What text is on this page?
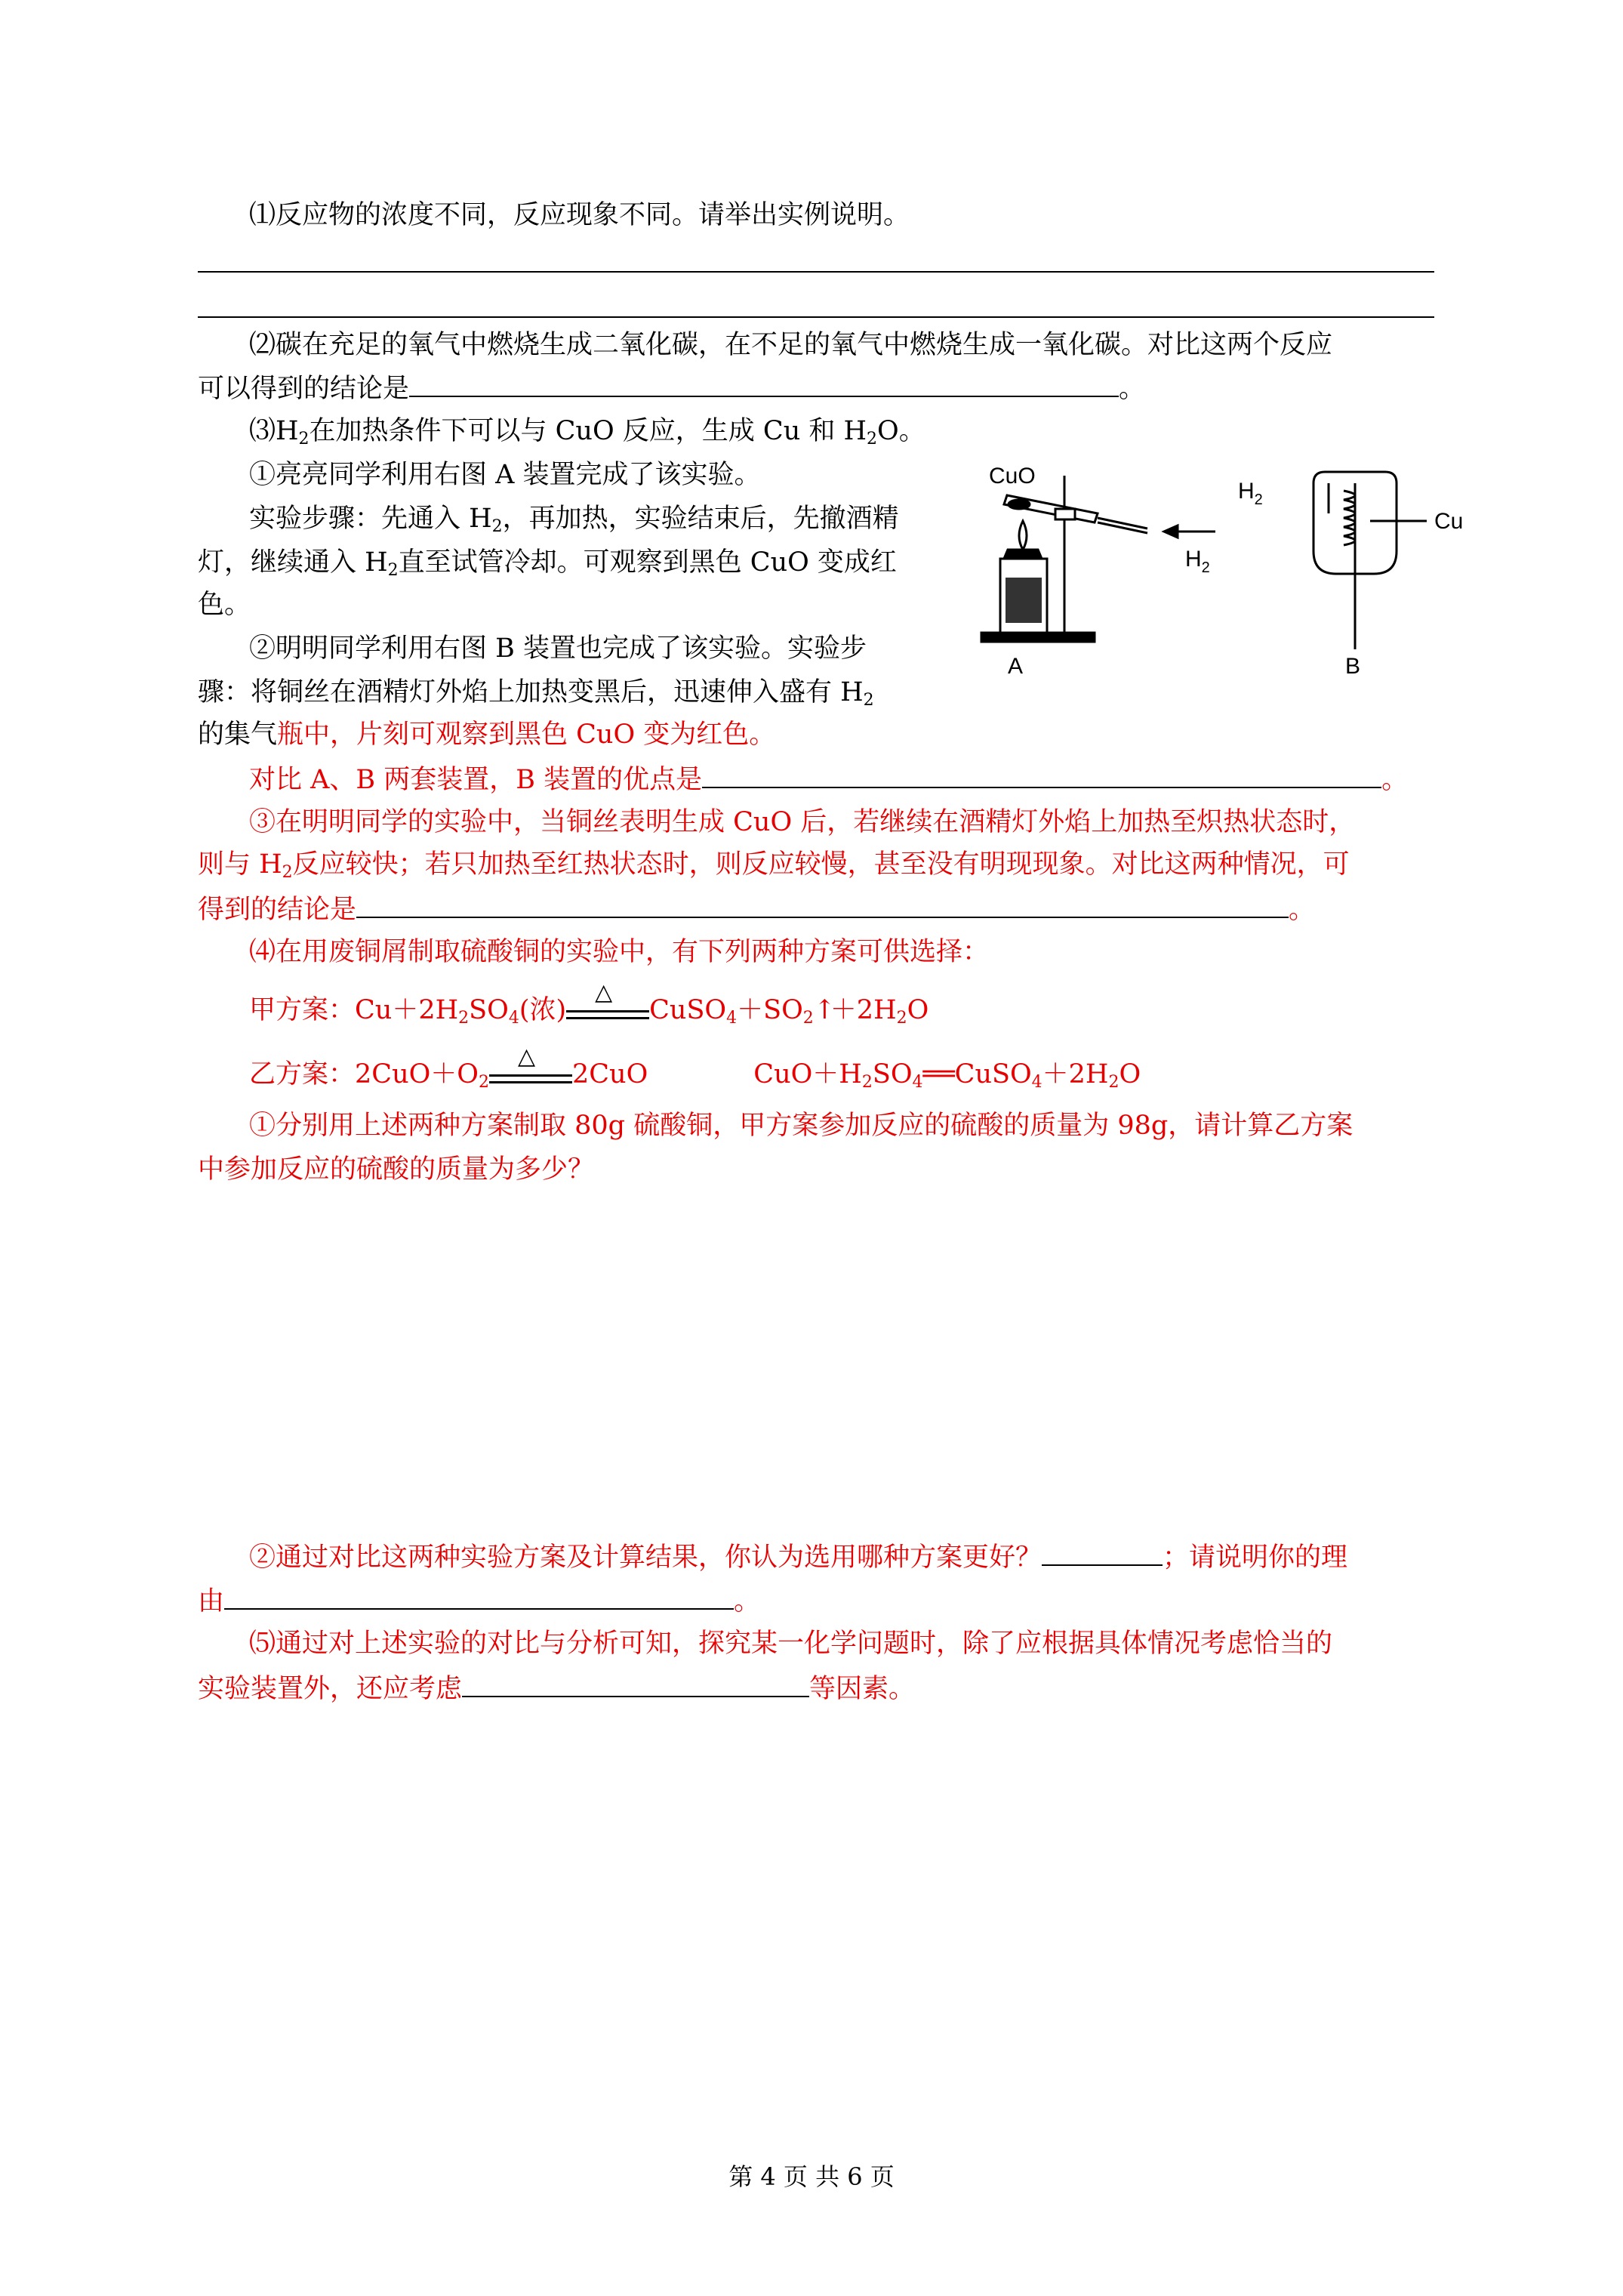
⑴反应物的浓度不同，反应现象不同。请举出实例说明。
⑵碳在充足的氧气中燃烧生成二氧化碳，在不足的氧气中燃烧生成一氧化碳。对比这两个反应
可以得到的结论是	。
$⑶H_2$在加热条件下可以与 CuO 反应，生成 Cu 和 $H_2O$。
①亮亮同学利用右图 A 装置完成了该实验。
实验步骤：先通入 $H_2$，再加热，实验结束后，先撤酒精
灯，继续通入 $H_2$直至试管冷却。可观察到黑色 CuO 变成红
色。
②明明同学利用右图 B 装置也完成了该实验。实验步
骤：将铜丝在酒精灯外焰上加热变黑后，迅速伸入盛有 $H_2$
的集气瓶中，片刻可观察到黑色 CuO 变为红色。
对比 A、B 两套装置，B 装置的优点是	。
③在明明同学的实验中，当铜丝表明生成 CuO 后，若继续在酒精灯外焰上加热至炽热状态时，
则与 $H_2$反应较快；若只加热至红热状态时，则反应较慢，甚至没有明现现象。对比这两种情况，可
得到的结论是	。
CuO
$H_2$
A
$H_2$
Cu
B
⑷在用废铜屑制取硫酸铜的实验中，有下列两种方案可供选择：
甲方案：$Cu+2H_2SO_4$(浓)
△
$CuSO_4+SO_2↑+2H_2O$
乙方案：$2CuO+O_2$
△
2CuO	$CuO+H_2SO_4══CuSO_4+2H_2O$
①分别用上述两种方案制取 80g 硫酸铜，甲方案参加反应的硫酸的质量为 98g，请计算乙方案
中参加反应的硫酸的质量为多少？
②通过对比这两种实验方案及计算结果，你认为选用哪种方案更好？	；请说明你的理
由	。
⑸通过对上述实验的对比与分析可知，探究某一化学问题时，除了应根据具体情况考虑恰当的
实验装置外，还应考虑	等因素。
第 4 页 共 6 页
